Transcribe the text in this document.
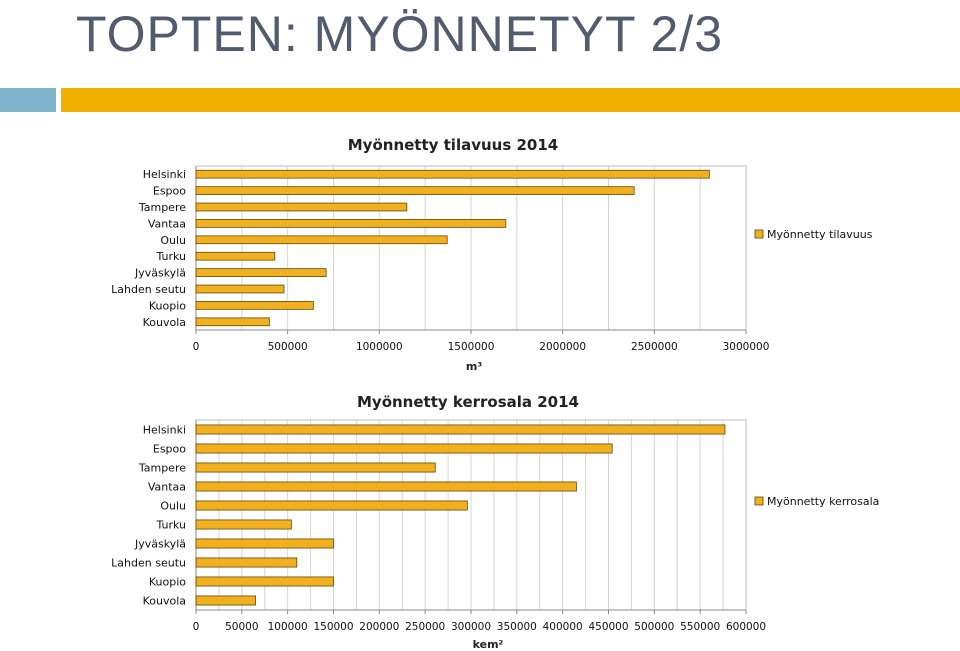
TOPTEN: MYÖNNETYT 2/3
0	500000	1000000	1500000	2000000	2500000	3000000
Helsinki
Espoo
Tampere
Vantaa
Oulu
Turku
Jyväskylä
Lahden seutu
Kuopio
Kouvola
Myönnetty tilavuus 2014
m³
Myönnetty tilavuus
0 50000 100000 150000 200000 250000 300000 350000 400000 450000 500000 550000 600000
Helsinki
Espoo
Tampere
Vantaa
Oulu
Turku
Jyväskylä
Lahden seutu
Kuopio
Kouvola
Myönnetty kerrosala 2014
kem²
Myönnetty kerrosala
